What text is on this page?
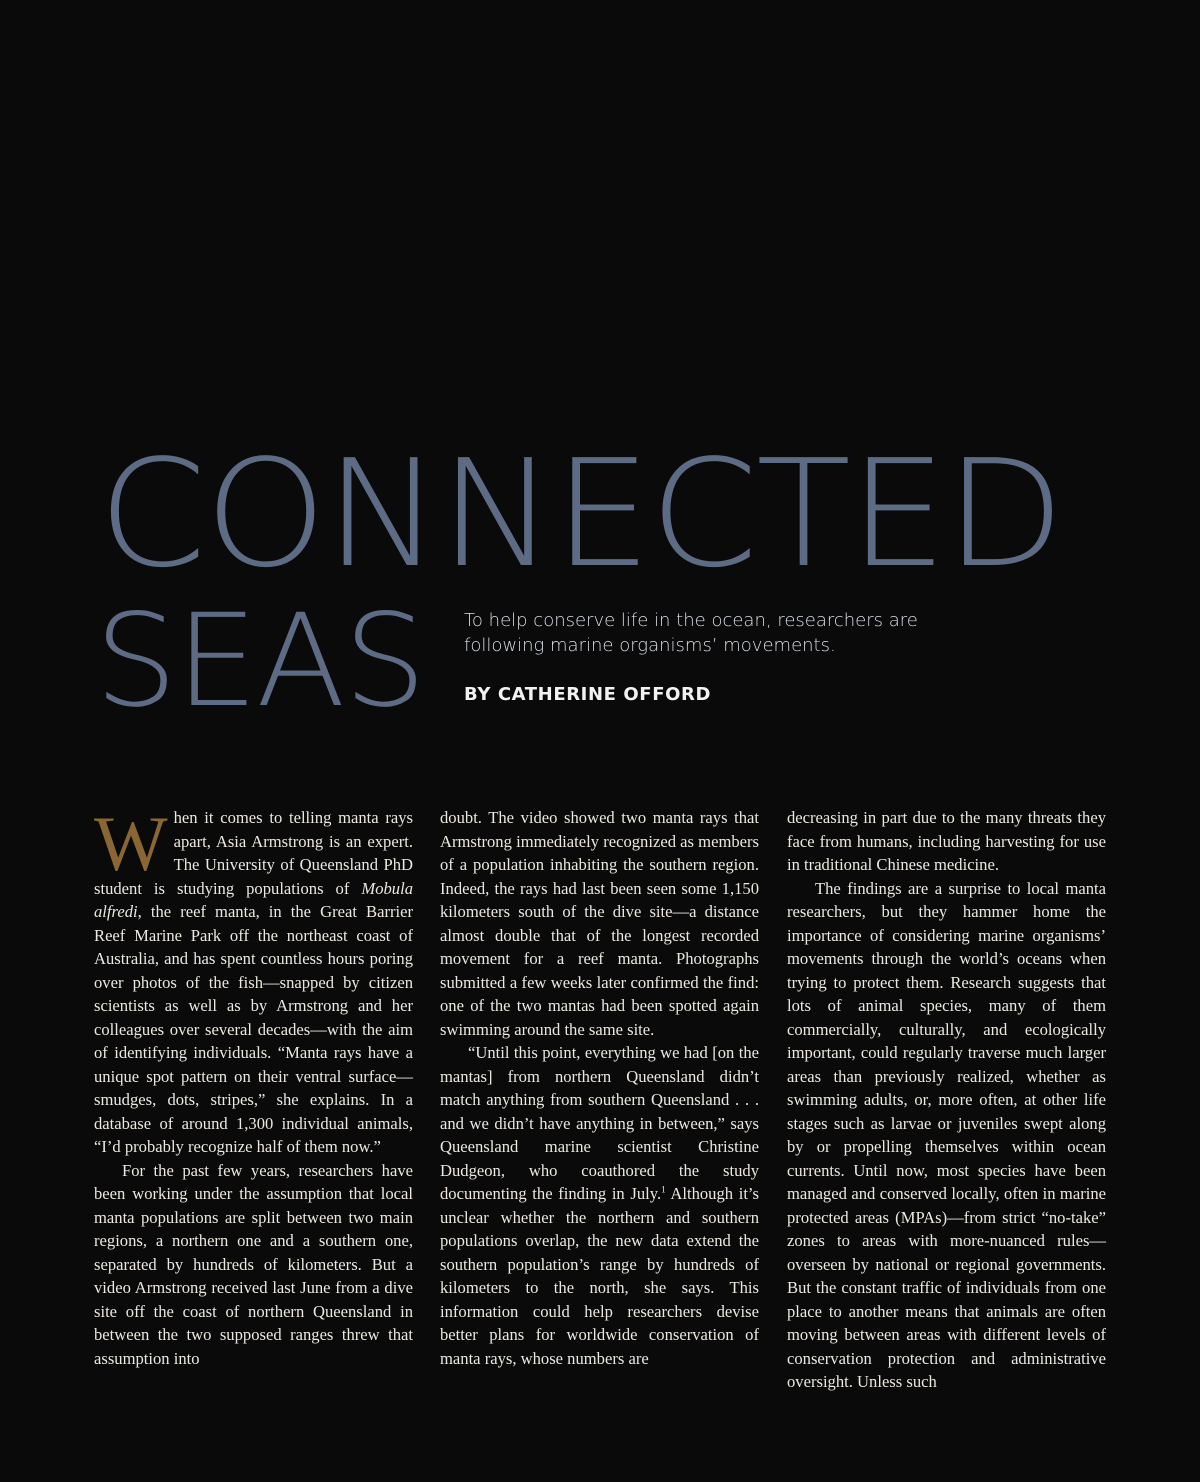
CONNECTED
SEAS To help conserve life in the ocean, researchers are following marine organisms’ movements.
BY CATHERINE OFFORD

When it comes to telling manta rays apart, Asia Armstrong is an expert. The University of Queensland PhD student is studying populations of Mobula alfredi, the reef manta, in the Great Barrier Reef Marine Park off the northeast coast of Australia, and has spent countless hours poring over photos of the fish—snapped by citizen scientists as well as by Armstrong and her colleagues over several decades—with the aim of identifying individuals. “Manta rays have a unique spot pattern on their ventral surface—smudges, dots, stripes,” she explains. In a database of around 1,300 individual animals, “I’d probably recognize half of them now.”

For the past few years, researchers have been working under the assumption that local manta populations are split between two main regions, a northern one and a southern one, separated by hundreds of kilometers. But a video Armstrong received last June from a dive site off the coast of northern Queensland in between the two supposed ranges threw that assumption into

doubt. The video showed two manta rays that Armstrong immediately recognized as members of a population inhabiting the southern region. Indeed, the rays had last been seen some 1,150 kilometers south of the dive site—a distance almost double that of the longest recorded movement for a reef manta. Photographs submitted a few weeks later confirmed the find: one of the two mantas had been spotted again swimming around the same site.

“Until this point, everything we had [on the mantas] from northern Queensland didn’t match anything from southern Queensland . . . and we didn’t have anything in between,” says Queensland marine scientist Christine Dudgeon, who coauthored the study documenting the finding in July.$^1$ Although it’s unclear whether the northern and southern populations overlap, the new data extend the southern population’s range by hundreds of kilometers to the north, she says. This information could help researchers devise better plans for worldwide conservation of manta rays, whose numbers are

decreasing in part due to the many threats they face from humans, including harvesting for use in traditional Chinese medicine.

The findings are a surprise to local manta researchers, but they hammer home the importance of considering marine organisms’ movements through the world’s oceans when trying to protect them. Research suggests that lots of animal species, many of them commercially, culturally, and ecologically important, could regularly traverse much larger areas than previously realized, whether as swimming adults, or, more often, at other life stages such as larvae or juveniles swept along by or propelling themselves within ocean currents. Until now, most species have been managed and conserved locally, often in marine protected areas (MPAs)—from strict “no-take” zones to areas with more-nuanced rules—overseen by national or regional governments. But the constant traffic of individuals from one place to another means that animals are often moving between areas with different levels of conservation protection and administrative oversight. Unless such
